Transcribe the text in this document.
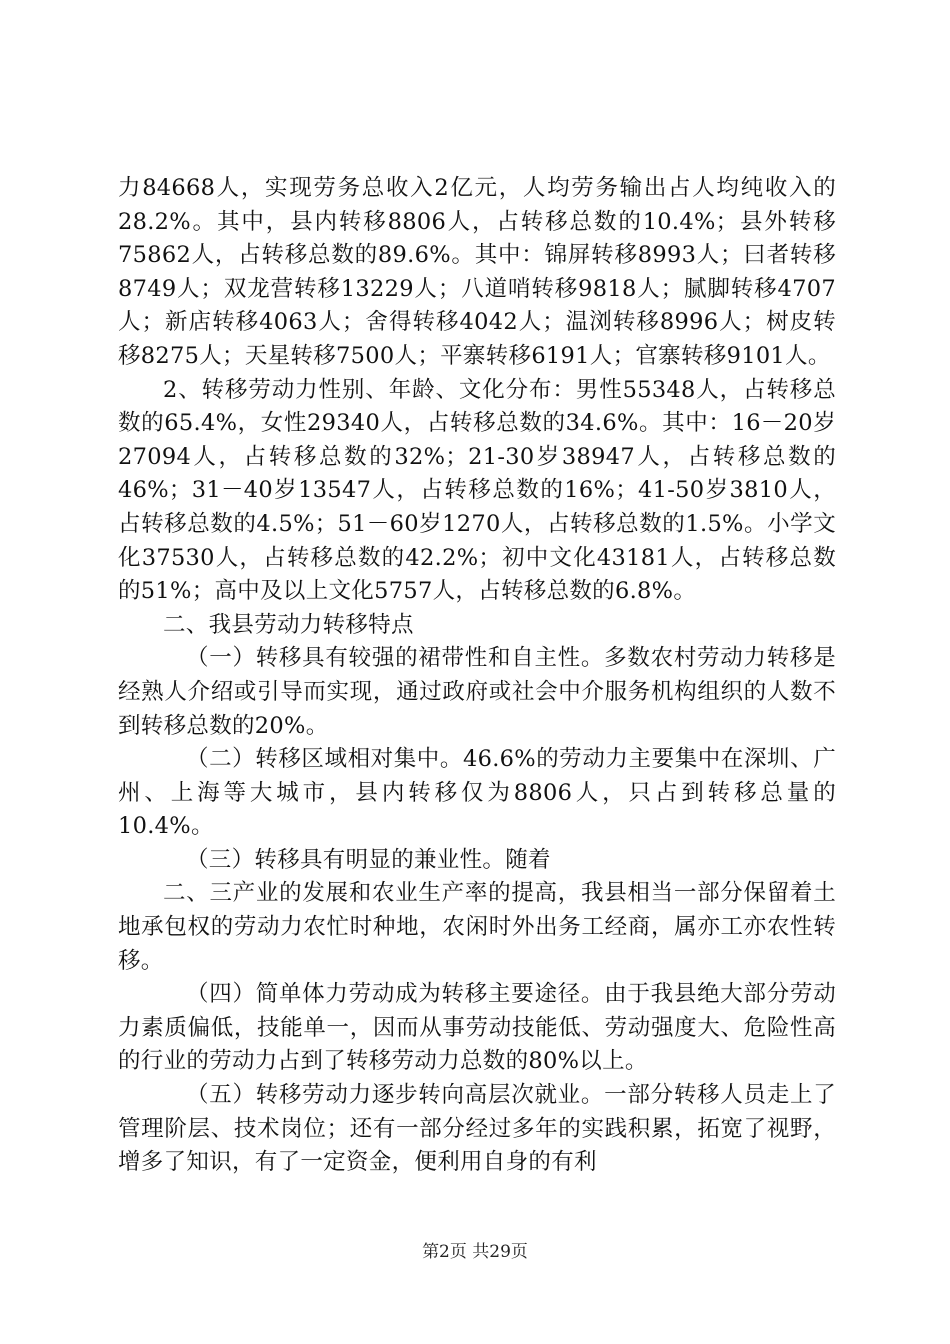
力84668人，实现劳务总收入2亿元，人均劳务输出占人均纯收入的28.2%。其中，县内转移8806人，占转移总数的10.4%；县外转移75862人，占转移总数的89.6%。其中：锦屏转移8993人；曰者转移8749人；双龙营转移13229人；八道哨转移9818人；腻脚转移4707人；新店转移4063人；舍得转移4042人；温浏转移8996人；树皮转移8275人；天星转移7500人；平寨转移6191人；官寨转移9101人。

2、转移劳动力性别、年龄、文化分布：男性55348人，占转移总数的65.4%，女性29340人，占转移总数的34.6%。其中：16－20岁27094人，占转移总数的32%；21-30岁38947人，占转移总数的46%；31－40岁13547人，占转移总数的16%；41-50岁3810人，占转移总数的4.5%；51－60岁1270人，占转移总数的1.5%。小学文化37530人，占转移总数的42.2%；初中文化43181人，占转移总数的51%；高中及以上文化5757人，占转移总数的6.8%。

二、我县劳动力转移特点

（一）转移具有较强的裙带性和自主性。多数农村劳动力转移是经熟人介绍或引导而实现，通过政府或社会中介服务机构组织的人数不到转移总数的20%。

（二）转移区域相对集中。46.6%的劳动力主要集中在深圳、广州、上海等大城市，县内转移仅为8806人，只占到转移总量的10.4%。

（三）转移具有明显的兼业性。随着

二、三产业的发展和农业生产率的提高，我县相当一部分保留着土地承包权的劳动力农忙时种地，农闲时外出务工经商，属亦工亦农性转移。

（四）简单体力劳动成为转移主要途径。由于我县绝大部分劳动力素质偏低，技能单一，因而从事劳动技能低、劳动强度大、危险性高的行业的劳动力占到了转移劳动力总数的80%以上。

（五）转移劳动力逐步转向高层次就业。一部分转移人员走上了管理阶层、技术岗位；还有一部分经过多年的实践积累，拓宽了视野，增多了知识，有了一定资金，便利用自身的有利

第2页 共29页
